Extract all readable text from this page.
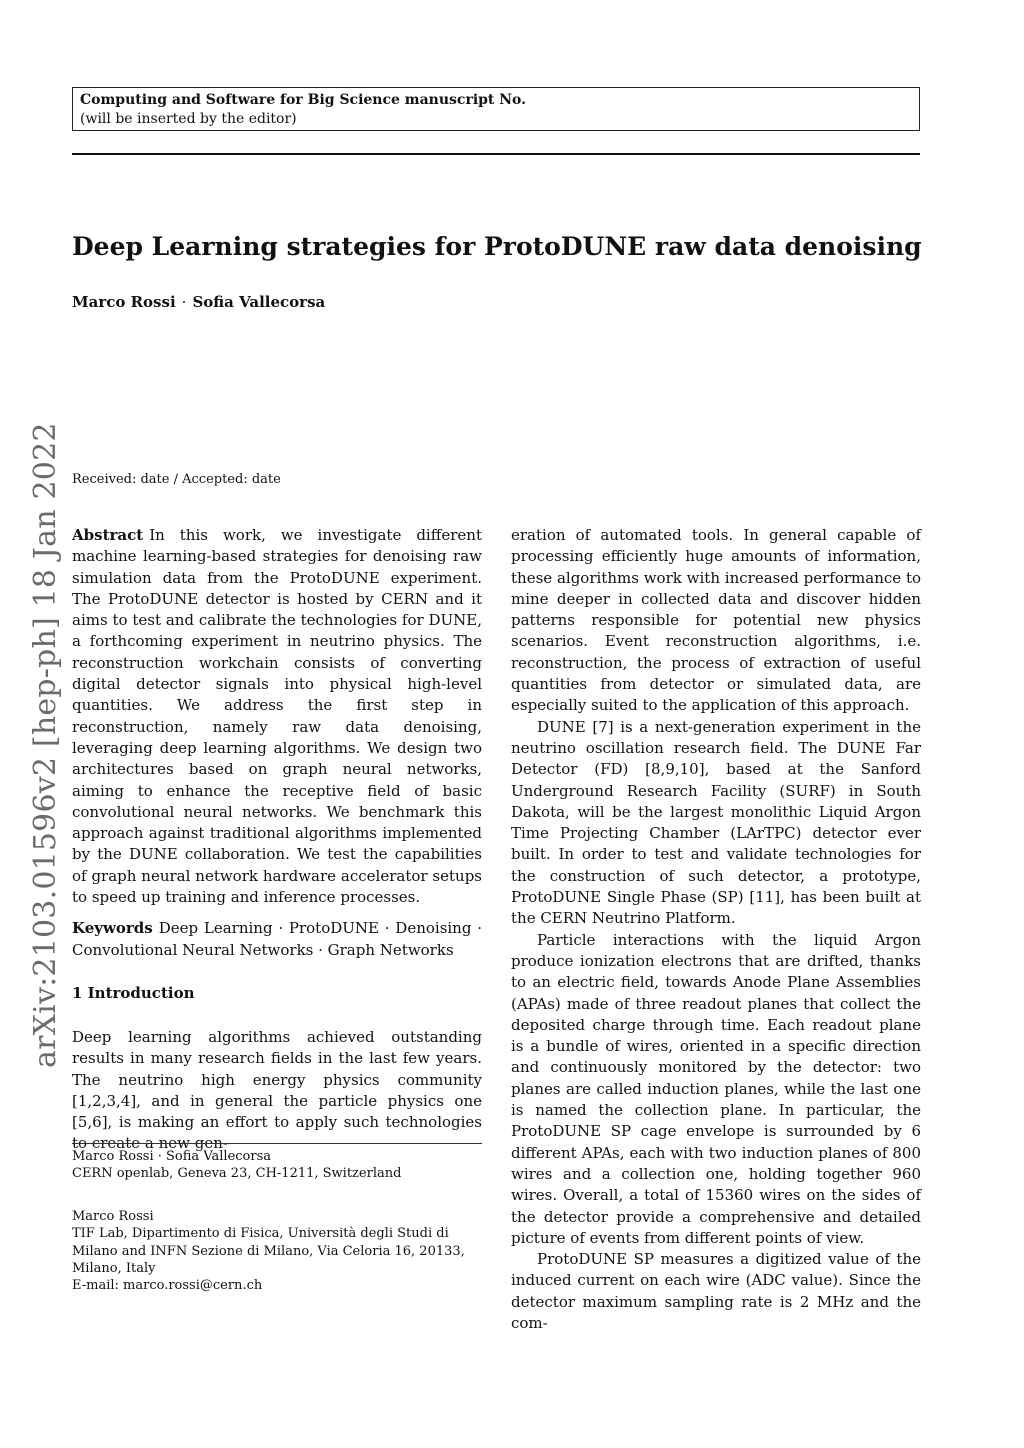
Computing and Software for Big Science manuscript No.
(will be inserted by the editor)
Deep Learning strategies for ProtoDUNE raw data denoising
Marco Rossi · Sofia Vallecorsa
Received: date / Accepted: date
arXiv:2103.01596v2 [hep-ph] 18 Jan 2022 Abstract In this work, we investigate different machine learning-based strategies for denoising raw simulation data from the ProtoDUNE experiment. The ProtoDUNE detector is hosted by CERN and it aims to test and calibrate the technologies for DUNE, a forthcoming experiment in neutrino physics. The reconstruction workchain consists of converting digital detector signals into physical high-level quantities. We address the first step in reconstruction, namely raw data denoising, leveraging deep learning algorithms. We design two architectures based on graph neural networks, aiming to enhance the receptive field of basic convolutional neural networks. We benchmark this approach against traditional algorithms implemented by the DUNE collaboration. We test the capabilities of graph neural network hardware accelerator setups to speed up training and inference processes.

Keywords Deep Learning · ProtoDUNE · Denoising · Convolutional Neural Networks · Graph Networks

1 Introduction

Deep learning algorithms achieved outstanding results in many research fields in the last few years. The neutrino high energy physics community [1,2,3,4], and in general the particle physics one [5,6], is making an effort to apply such technologies to create a new gen-

Marco Rossi · Sofia Vallecorsa
CERN openlab, Geneva 23, CH-1211, Switzerland
Marco Rossi
TIF Lab, Dipartimento di Fisica, Università degli Studi di Milano and INFN Sezione di Milano, Via Celoria 16, 20133, Milano, Italy
E-mail: marco.rossi@cern.ch

eration of automated tools. In general capable of processing efficiently huge amounts of information, these algorithms work with increased performance to mine deeper in collected data and discover hidden patterns responsible for potential new physics scenarios. Event reconstruction algorithms, i.e. reconstruction, the process of extraction of useful quantities from detector or simulated data, are especially suited to the application of this approach.

DUNE [7] is a next-generation experiment in the neutrino oscillation research field. The DUNE Far Detector (FD) [8,9,10], based at the Sanford Underground Research Facility (SURF) in South Dakota, will be the largest monolithic Liquid Argon Time Projecting Chamber (LArTPC) detector ever built. In order to test and validate technologies for the construction of such detector, a prototype, ProtoDUNE Single Phase (SP) [11], has been built at the CERN Neutrino Platform.

Particle interactions with the liquid Argon produce ionization electrons that are drifted, thanks to an electric field, towards Anode Plane Assemblies (APAs) made of three readout planes that collect the deposited charge through time. Each readout plane is a bundle of wires, oriented in a specific direction and continuously monitored by the detector: two planes are called induction planes, while the last one is named the collection plane. In particular, the ProtoDUNE SP cage envelope is surrounded by 6 different APAs, each with two induction planes of 800 wires and a collection one, holding together 960 wires. Overall, a total of 15360 wires on the sides of the detector provide a comprehensive and detailed picture of events from different points of view.

ProtoDUNE SP measures a digitized value of the induced current on each wire (ADC value). Since the detector maximum sampling rate is 2 MHz and the com-
